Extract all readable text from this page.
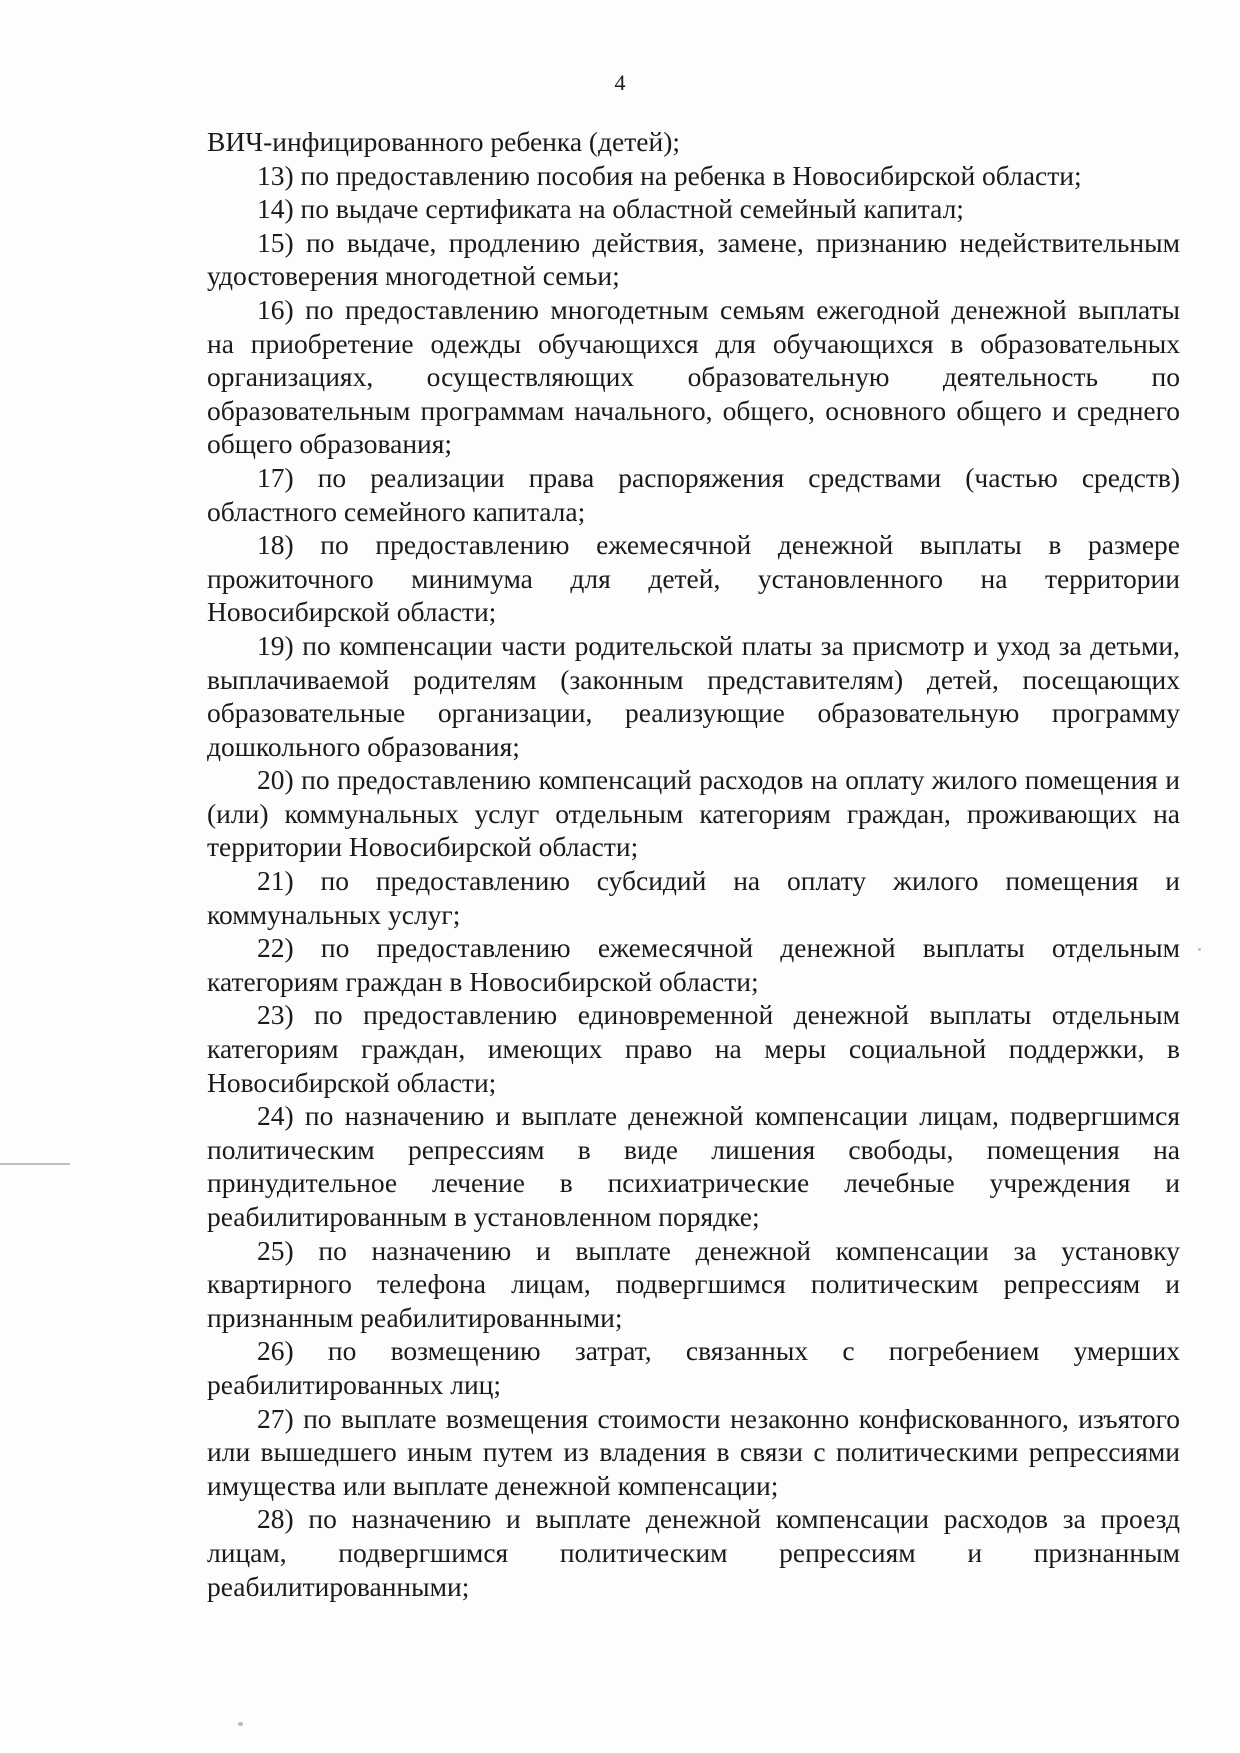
4

ВИЧ-инфицированного ребенка (детей);

13) по предоставлению пособия на ребенка в Новосибирской области;

14) по выдаче сертификата на областной семейный капитал;

15) по выдаче, продлению действия, замене, признанию недействительным удостоверения многодетной семьи;

16) по предоставлению многодетным семьям ежегодной денежной выплаты на приобретение одежды обучающихся для обучающихся в образовательных организациях, осуществляющих образовательную деятельность по образовательным программам начального, общего, основного общего и среднего общего образования;

17) по реализации права распоряжения средствами (частью средств) областного семейного капитала;

18) по предоставлению ежемесячной денежной выплаты в размере прожиточного минимума для детей, установленного на территории Новосибирской области;

19) по компенсации части родительской платы за присмотр и уход за детьми, выплачиваемой родителям (законным представителям) детей, посещающих образовательные организации, реализующие образовательную программу дошкольного образования;

20) по предоставлению компенсаций расходов на оплату жилого помещения и (или) коммунальных услуг отдельным категориям граждан, проживающих на территории Новосибирской области;

21) по предоставлению субсидий на оплату жилого помещения и коммунальных услуг;

22) по предоставлению ежемесячной денежной выплаты отдельным категориям граждан в Новосибирской области;

23) по предоставлению единовременной денежной выплаты отдельным категориям граждан, имеющих право на меры социальной поддержки, в Новосибирской области;

24) по назначению и выплате денежной компенсации лицам, подвергшимся политическим репрессиям в виде лишения свободы, помещения на принудительное лечение в психиатрические лечебные учреждения и реабилитированным в установленном порядке;

25) по назначению и выплате денежной компенсации за установку квартирного телефона лицам, подвергшимся политическим репрессиям и признанным реабилитированными;

26) по возмещению затрат, связанных с погребением умерших реабилитированных лиц;

27) по выплате возмещения стоимости незаконно конфискованного, изъятого или вышедшего иным путем из владения в связи с политическими репрессиями имущества или выплате денежной компенсации;

28) по назначению и выплате денежной компенсации расходов за проезд лицам, подвергшимся политическим репрессиям и признанным реабилитированными;
